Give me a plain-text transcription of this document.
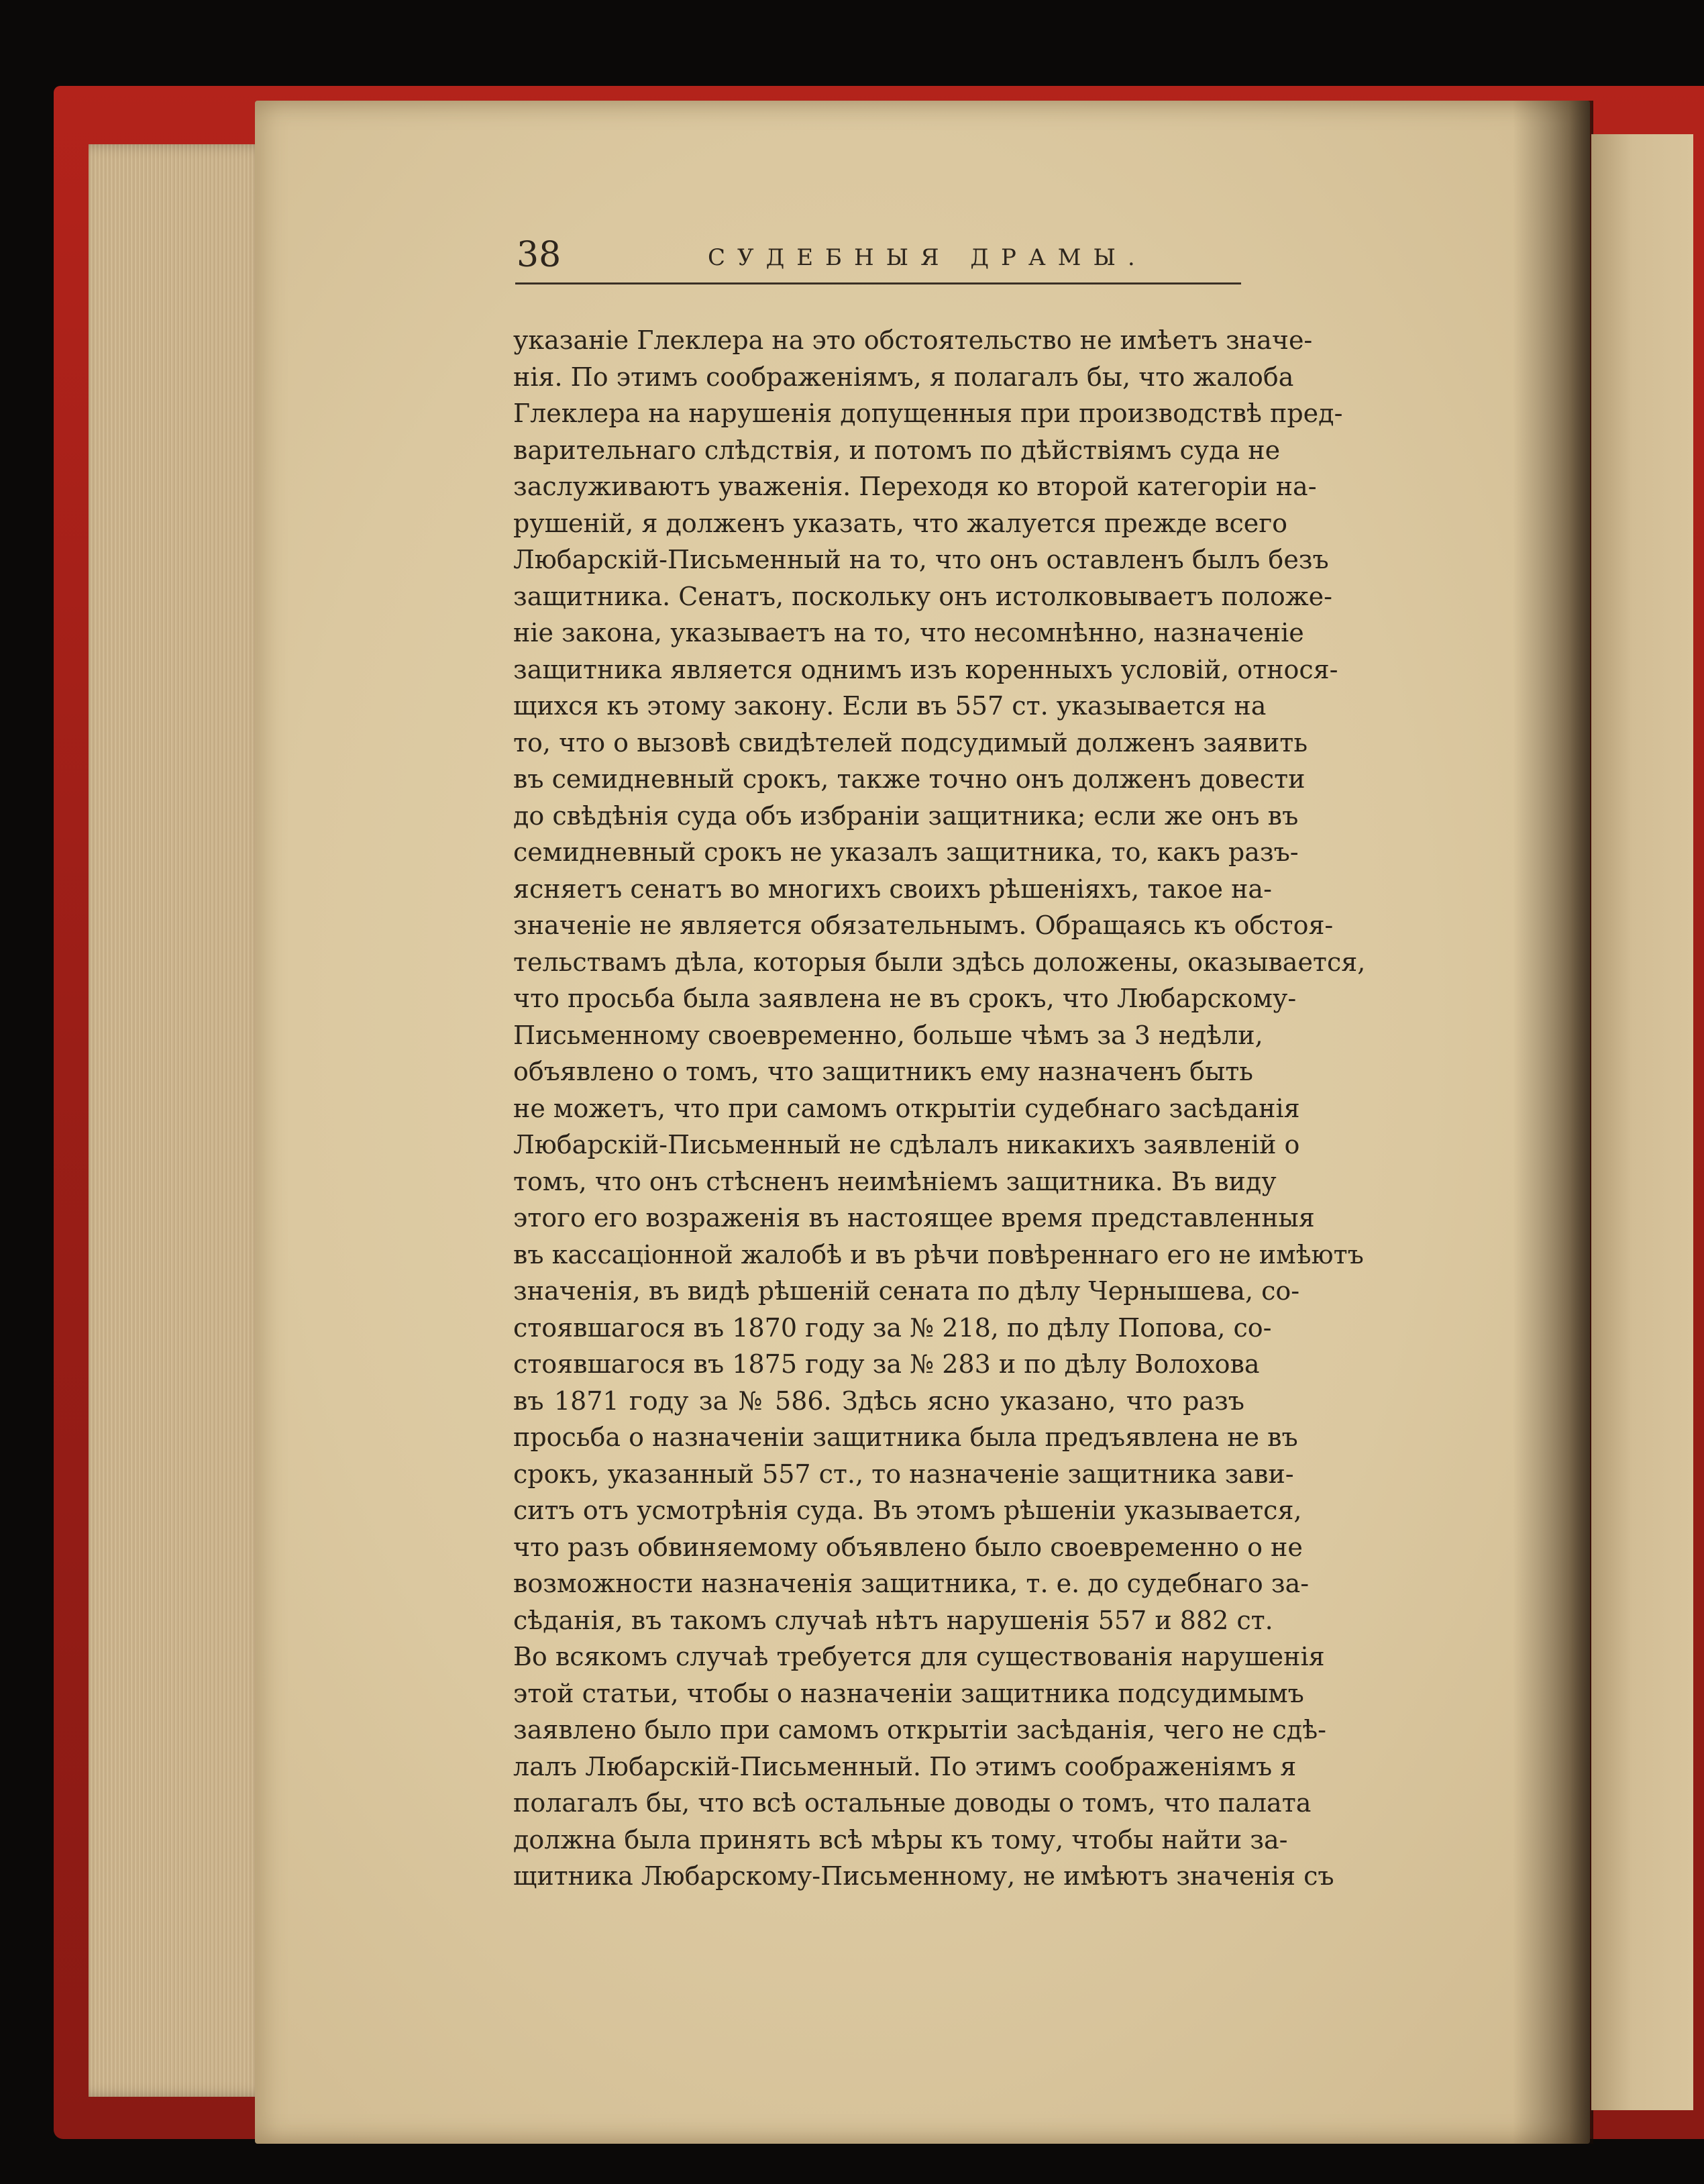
38	СУДЕБНЫЯ ДРАМЫ.
указаніе Глеклера на это обстоятельство не имѣетъ значе-
нія. По этимъ соображеніямъ, я полагалъ бы, что жалоба
Глеклера на нарушенія допущенныя при производствѣ пред-
варительнаго слѣдствія, и потомъ по дѣйствіямъ суда не
заслуживаютъ уваженія. Переходя ко второй категоріи на-
рушеній, я долженъ указать, что жалуется прежде всего
Любарскій-Письменный на то, что онъ оставленъ былъ безъ
защитника. Сенатъ, поскольку онъ истолковываетъ положе-
ніе закона, указываетъ на то, что несомнѣнно, назначеніе
защитника является однимъ изъ коренныхъ условій, относя-
щихся къ этому закону. Если въ 557 ст. указывается на
то, что о вызовѣ свидѣтелей подсудимый долженъ заявить
въ семидневный срокъ, также точно онъ долженъ довести
до свѣдѣнія суда объ избраніи защитника; если же онъ въ
семидневный срокъ не указалъ защитника, то, какъ разъ-
ясняетъ сенатъ во многихъ своихъ рѣшеніяхъ, такое на-
значеніе не является обязательнымъ. Обращаясь къ обстоя-
тельствамъ дѣла, которыя были здѣсь доложены, оказывается,
что просьба была заявлена не въ срокъ, что Любарскому-
Письменному своевременно, больше чѣмъ за 3 недѣли,
объявлено о томъ, что защитникъ ему назначенъ быть
не можетъ, что при самомъ открытіи судебнаго засѣданія
Любарскій-Письменный не сдѣлалъ никакихъ заявленій о
томъ, что онъ стѣсненъ неимѣніемъ защитника. Въ виду
этого его возраженія въ настоящее время представленныя
въ кассаціонной жалобѣ и въ рѣчи повѣреннаго его не имѣютъ
значенія, въ видѣ рѣшеній сената по дѣлу Чернышева, со-
стоявшагося въ 1870 году за № 218, по дѣлу Попова, со-
стоявшагося въ 1875 году за № 283 и по дѣлу Волохова
въ 1871 году за № 586. Здѣсь ясно указано, что разъ
просьба о назначеніи защитника была предъявлена не въ
срокъ, указанный 557 ст., то назначеніе защитника зави-
ситъ отъ усмотрѣнія суда. Въ этомъ рѣшеніи указывается,
что разъ обвиняемому объявлено было своевременно о не
возможности назначенія защитника, т. е. до судебнаго за-
сѣданія, въ такомъ случаѣ нѣтъ нарушенія 557 и 882 ст.
Во всякомъ случаѣ требуется для существованія нарушенія
этой статьи, чтобы о назначеніи защитника подсудимымъ
заявлено было при самомъ открытіи засѣданія, чего не сдѣ-
лалъ Любарскій-Письменный. По этимъ соображеніямъ я
полагалъ бы, что всѣ остальные доводы о томъ, что палата
должна была принять всѣ мѣры къ тому, чтобы найти за-
щитника Любарскому-Письменному, не имѣютъ значенія съ
